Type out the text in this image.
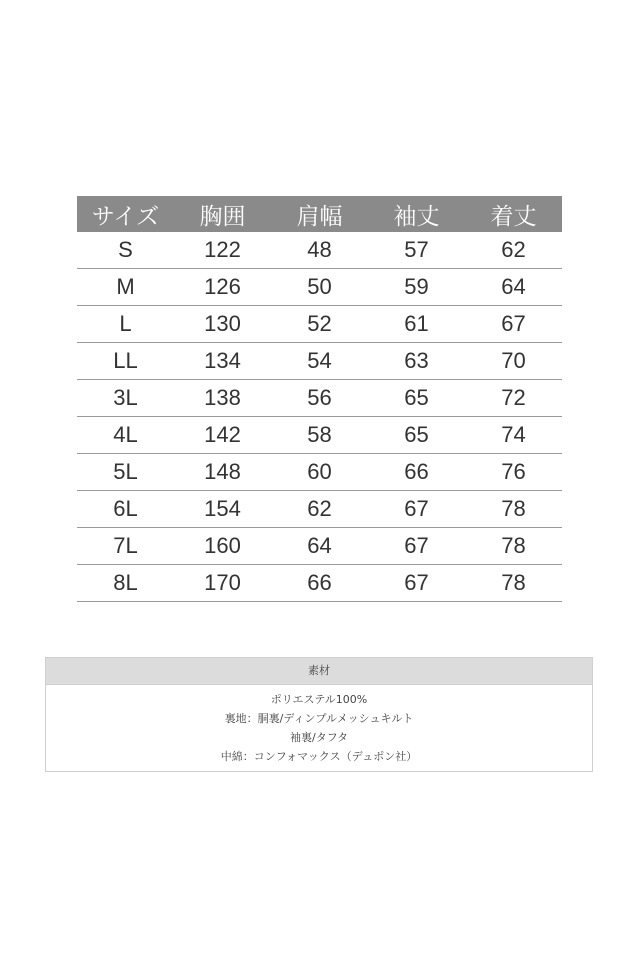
サイズ	胸囲	肩幅	袖丈	着丈
S	122	48	57	62
M	126	50	59	64
L	130	52	61	67
LL	134	54	63	70
3L	138	56	65	72
4L	142	58	65	74
5L	148	60	66	76
6L	154	62	67	78
7L	160	64	67	78
8L	170	66	67	78
素材
ポリエステル100%
裏地：胴裏/ディンプルメッシュキルト
袖裏/タフタ
中綿：コンフォマックス（デュポン社）
